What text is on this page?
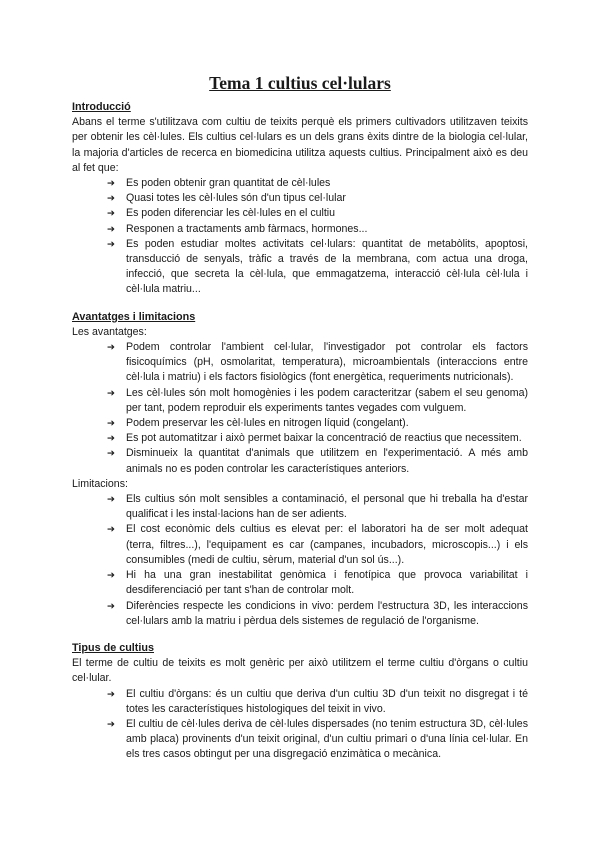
Tema 1 cultius cel·lulars
Introducció

Abans el terme s'utilitzava com cultiu de teixits perquè els primers cultivadors utilitzaven teixits per obtenir les cèl·lules. Els cultius cel·lulars es un dels grans èxits dintre de la biologia cel·lular, la majoria d'articles de recerca en biomedicina utilitza aquests cultius. Principalment això es deu al fet que:

➔ Es poden obtenir gran quantitat de cèl·lules
➔ Quasi totes les cèl·lules són d'un tipus cel·lular
➔ Es poden diferenciar les cèl·lules en el cultiu
➔ Responen a tractaments amb fàrmacs, hormones...
➔ Es poden estudiar moltes activitats cel·lulars: quantitat de metabòlits, apoptosi, transducció de senyals, tràfic a través de la membrana, com actua una droga, infecció, que secreta la cèl·lula, que emmagatzema, interacció cèl·lula cèl·lula i cèl·lula matriu...
Avantatges i limitacions

Les avantatges:

➔ Podem controlar l'ambient cel·lular, l'investigador pot controlar els factors fisicoquímics (pH, osmolaritat, temperatura), microambientals (interaccions entre cèl·lula i matriu) i els factors fisiològics (font energètica, requeriments nutricionals).
➔ Les cèl·lules són molt homogènies i les podem caracteritzar (sabem el seu genoma) per tant, podem reproduir els experiments tantes vegades com vulguem.
➔ Podem preservar les cèl·lules en nitrogen líquid (congelant).
➔ Es pot automatitzar i això permet baixar la concentració de reactius que necessitem.
➔ Disminueix la quantitat d'animals que utilitzem en l'experimentació. A més amb animals no es poden controlar les característiques anteriors.

Limitacions:

➔ Els cultius són molt sensibles a contaminació, el personal que hi treballa ha d'estar qualificat i les instal·lacions han de ser adients.
➔ El cost econòmic dels cultius es elevat per: el laboratori ha de ser molt adequat (terra, filtres...), l'equipament es car (campanes, incubadors, microscopis...) i els consumibles (medi de cultiu, sèrum, material d'un sol ús...).
➔ Hi ha una gran inestabilitat genòmica i fenotípica que provoca variabilitat i desdiferenciació per tant s'han de controlar molt.
➔ Diferències respecte les condicions in vivo: perdem l'estructura 3D, les interaccions cel·lulars amb la matriu i pèrdua dels sistemes de regulació de l'organisme.
Tipus de cultius

El terme de cultiu de teixits es molt genèric per això utilitzem el terme cultiu d'òrgans o cultiu cel·lular.

➔ El cultiu d'òrgans: és un cultiu que deriva d'un cultiu 3D d'un teixit no disgregat i té totes les característiques histologiques del teixit in vivo.
➔ El cultiu de cèl·lules deriva de cèl·lules dispersades (no tenim estructura 3D, cèl·lules amb placa) provinents d'un teixit original, d'un cultiu primari o d'una línia cel·lular. En els tres casos obtingut per una disgregació enzimàtica o mecànica.
